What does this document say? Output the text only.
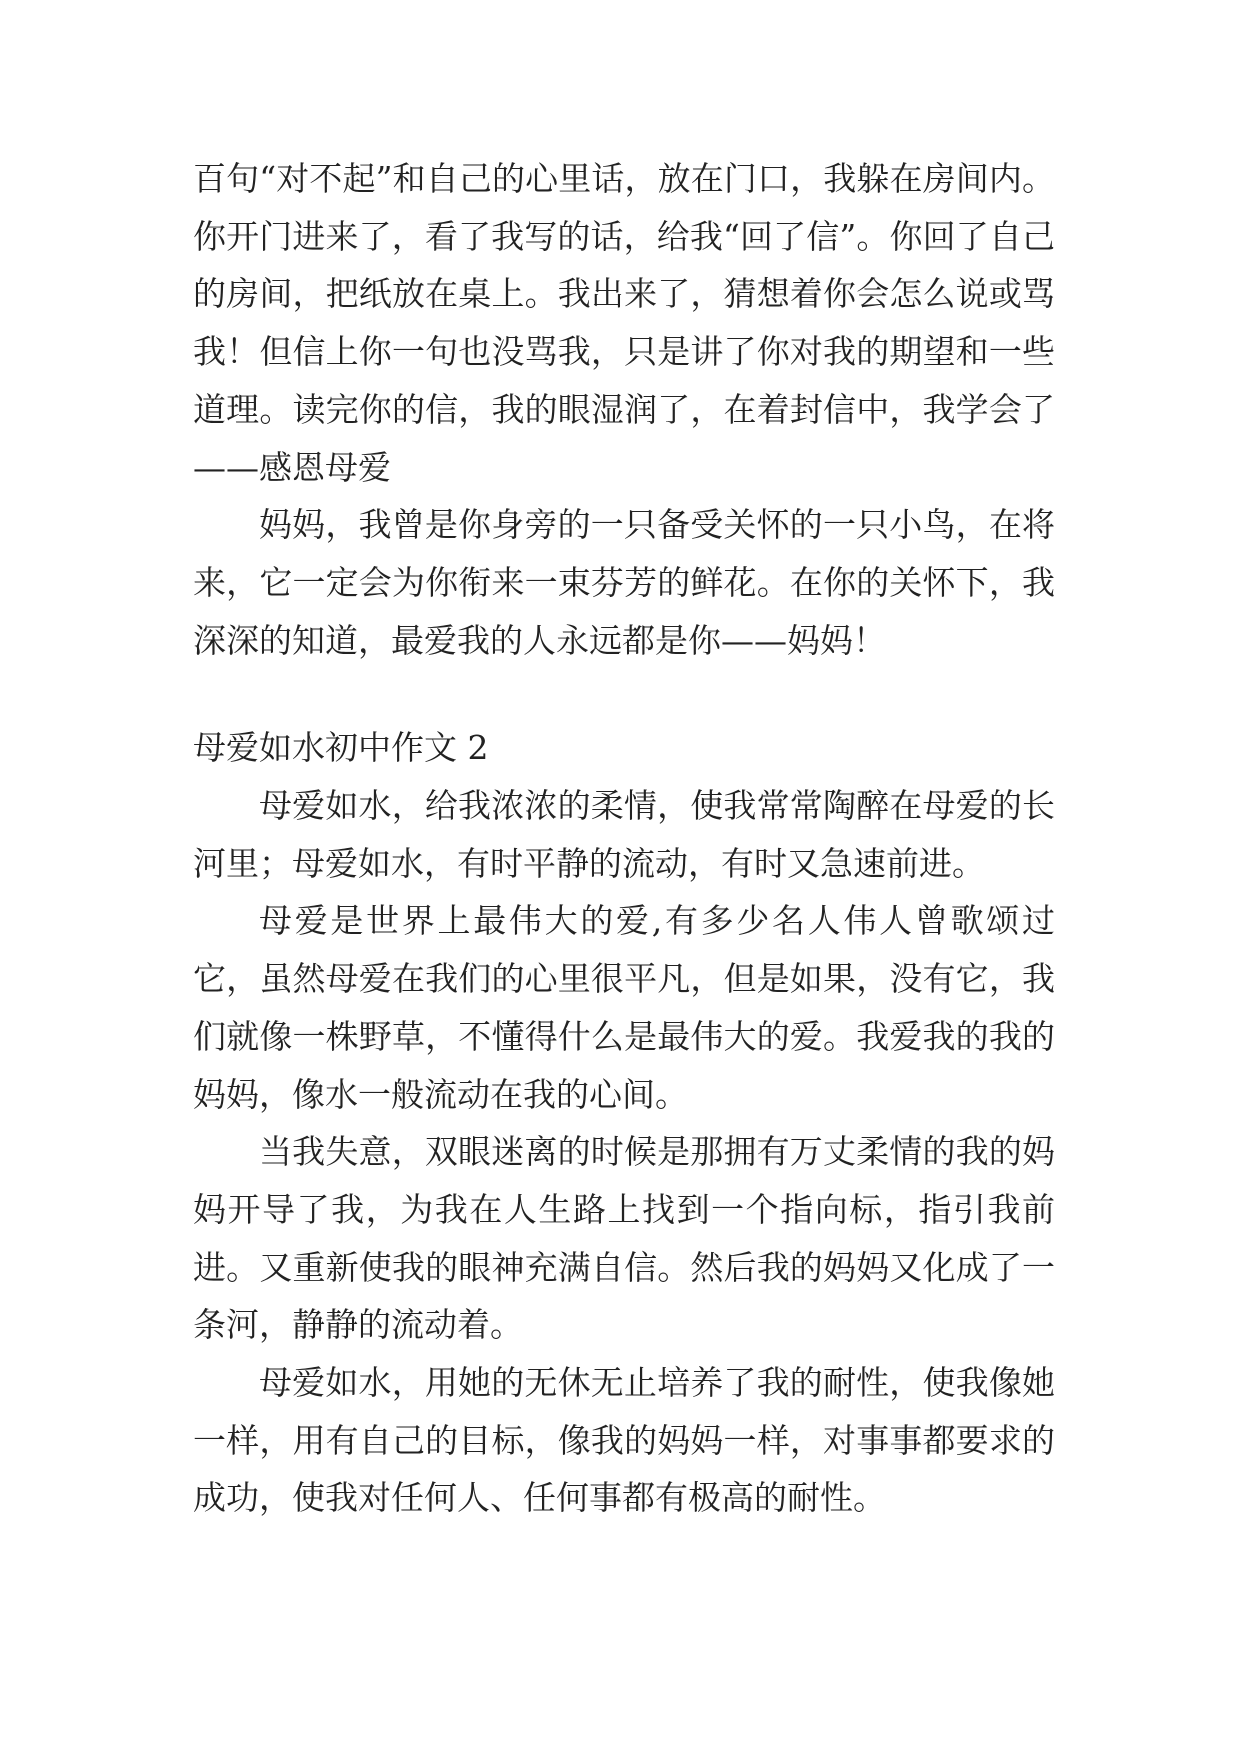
百句“对不起”和自己的心里话，放在门口，我躲在房间内。你开门进来了，看了我写的话，给我“回了信”。你回了自己的房间，把纸放在桌上。我出来了，猜想着你会怎么说或骂我！但信上你一句也没骂我，只是讲了你对我的期望和一些道理。读完你的信，我的眼湿润了，在着封信中，我学会了——感恩母爱

妈妈，我曾是你身旁的一只备受关怀的一只小鸟，在将来，它一定会为你衔来一束芬芳的鲜花。在你的关怀下，我深深的知道，最爱我的人永远都是你——妈妈！

母爱如水初中作文 2

母爱如水，给我浓浓的柔情，使我常常陶醉在母爱的长河里；母爱如水，有时平静的流动，有时又急速前进。

母爱是世界上最伟大的爱,有多少名人伟人曾歌颂过它，虽然母爱在我们的心里很平凡，但是如果，没有它，我们就像一株野草，不懂得什么是最伟大的爱。我爱我的我的妈妈，像水一般流动在我的心间。

当我失意，双眼迷离的时候是那拥有万丈柔情的我的妈妈开导了我，为我在人生路上找到一个指向标，指引我前进。又重新使我的眼神充满自信。然后我的妈妈又化成了一条河，静静的流动着。

母爱如水，用她的无休无止培养了我的耐性，使我像她一样，用有自己的目标，像我的妈妈一样，对事事都要求的成功，使我对任何人、任何事都有极高的耐性。
